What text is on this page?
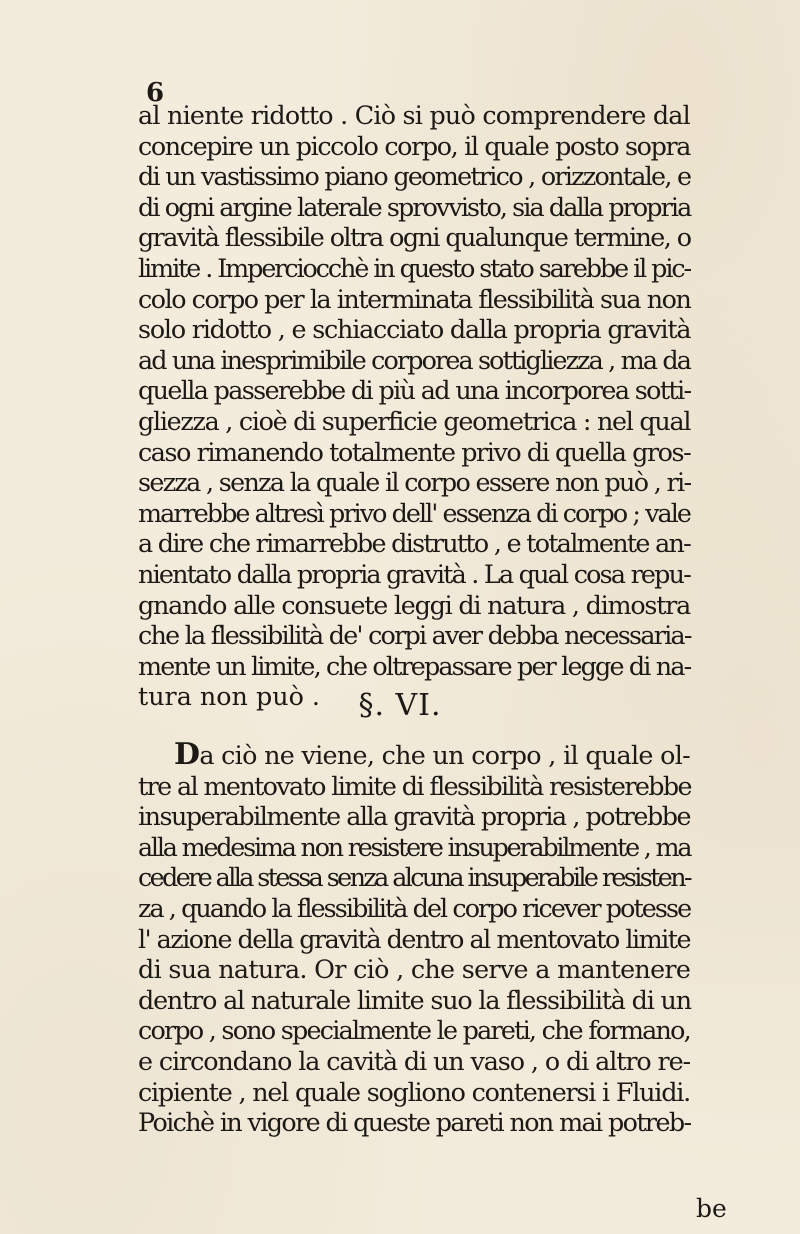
6
al niente ridotto . Ciò si può comprendere dal
concepire un piccolo corpo, il quale posto sopra
di un vastissimo piano geometrico , orizzontale, e
di ogni argine laterale sprovvisto, sia dalla propria
gravità flessibile oltra ogni qualunque termine, o
limite . Imperciocchè in questo stato sarebbe il pic-
colo corpo per la interminata flessibilità sua non
solo ridotto , e schiacciato dalla propria gravità
ad una inesprimibile corporea sottigliezza , ma da
quella passerebbe di più ad una incorporea sotti-
gliezza , cioè di superficie geometrica : nel qual
caso rimanendo totalmente privo di quella gros-
sezza , senza la quale il corpo essere non può , ri-
marrebbe altresì privo dell' essenza di corpo ; vale
a dire che rimarrebbe distrutto , e totalmente an-
nientato dalla propria gravità . La qual cosa repu-
gnando alle consuete leggi di natura , dimostra
che la flessibilità de' corpi aver debba necessaria-
mente un limite, che oltrepassare per legge di na-
tura non può .	§. VI.
Da ciò ne viene, che un corpo , il quale ol-
tre al mentovato limite di flessibilità resisterebbe
insuperabilmente alla gravità propria , potrebbe
alla medesima non resistere insuperabilmente , ma
cedere alla stessa senza alcuna insuperabile resisten-
za , quando la flessibilità del corpo ricever potesse
l' azione della gravità dentro al mentovato limite
di sua natura. Or ciò , che serve a mantenere
dentro al naturale limite suo la flessibilità di un
corpo , sono specialmente le pareti, che formano,
e circondano la cavità di un vaso , o di altro re-
cipiente , nel quale sogliono contenersi i Fluidi.
Poichè in vigore di queste pareti non mai potreb-
be
